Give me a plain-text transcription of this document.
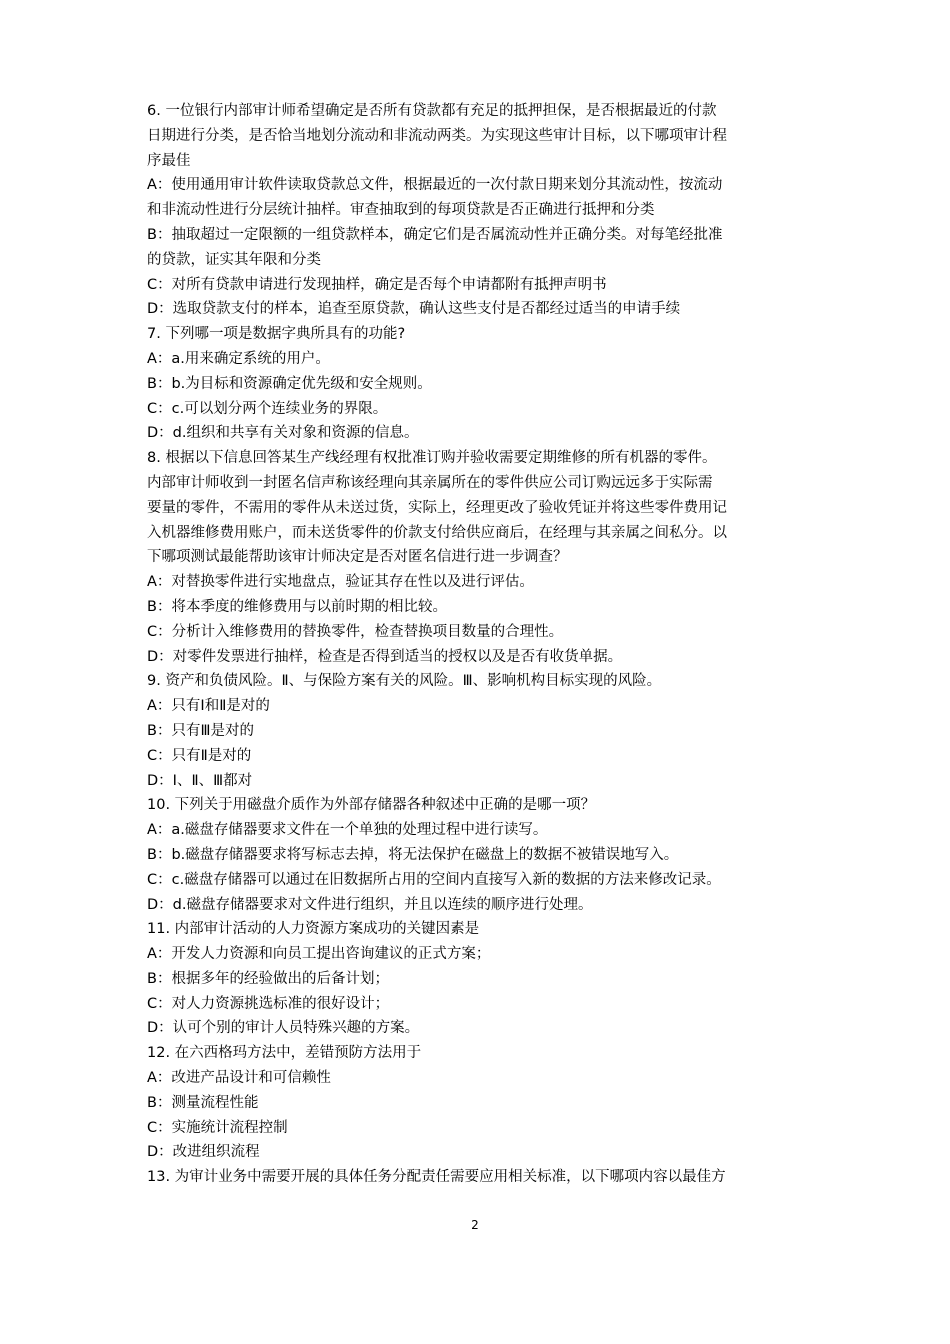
6. 一位银行内部审计师希望确定是否所有贷款都有充足的抵押担保，是否根据最近的付款
日期进行分类，是否恰当地划分流动和非流动两类。为实现这些审计目标，以下哪项审计程
序最佳
A：使用通用审计软件读取贷款总文件，根据最近的一次付款日期来划分其流动性，按流动
和非流动性进行分层统计抽样。审查抽取到的每项贷款是否正确进行抵押和分类
B：抽取超过一定限额的一组贷款样本，确定它们是否属流动性并正确分类。对每笔经批准
的贷款，证实其年限和分类
C：对所有贷款申请进行发现抽样，确定是否每个申请都附有抵押声明书
D：选取贷款支付的样本，追查至原贷款，确认这些支付是否都经过适当的申请手续
7. 下列哪一项是数据字典所具有的功能?
A：a.用来确定系统的用户。
B：b.为目标和资源确定优先级和安全规则。
C：c.可以划分两个连续业务的界限。
D：d.组织和共享有关对象和资源的信息。
8. 根据以下信息回答某生产线经理有权批准订购并验收需要定期维修的所有机器的零件。
内部审计师收到一封匿名信声称该经理向其亲属所在的零件供应公司订购远远多于实际需
要量的零件，不需用的零件从未送过货，实际上，经理更改了验收凭证并将这些零件费用记
入机器维修费用账户，而未送货零件的价款支付给供应商后，在经理与其亲属之间私分。以
下哪项测试最能帮助该审计师决定是否对匿名信进行进一步调查？
A：对替换零件进行实地盘点，验证其存在性以及进行评估。
B：将本季度的维修费用与以前时期的相比较。
C：分析计入维修费用的替换零件，检查替换项目数量的合理性。
D：对零件发票进行抽样，检查是否得到适当的授权以及是否有收货单据。
9. 资产和负债风险。Ⅱ、与保险方案有关的风险。Ⅲ、影响机构目标实现的风险。
A：只有Ⅰ和Ⅱ是对的
B：只有Ⅲ是对的
C：只有Ⅱ是对的
D：Ⅰ、Ⅱ、Ⅲ都对
10. 下列关于用磁盘介质作为外部存储器各种叙述中正确的是哪一项？
A：a.磁盘存储器要求文件在一个单独的处理过程中进行读写。
B：b.磁盘存储器要求将写标志去掉，将无法保护在磁盘上的数据不被错误地写入。
C：c.磁盘存储器可以通过在旧数据所占用的空间内直接写入新的数据的方法来修改记录。
D：d.磁盘存储器要求对文件进行组织，并且以连续的顺序进行处理。
11. 内部审计活动的人力资源方案成功的关键因素是
A：开发人力资源和向员工提出咨询建议的正式方案；
B：根据多年的经验做出的后备计划；
C：对人力资源挑选标准的很好设计；
D：认可个别的审计人员特殊兴趣的方案。
12. 在六西格玛方法中，差错预防方法用于
A：改进产品设计和可信赖性
B：测量流程性能
C：实施统计流程控制
D：改进组织流程
13. 为审计业务中需要开展的具体任务分配责任需要应用相关标准，以下哪项内容以最佳方
2
